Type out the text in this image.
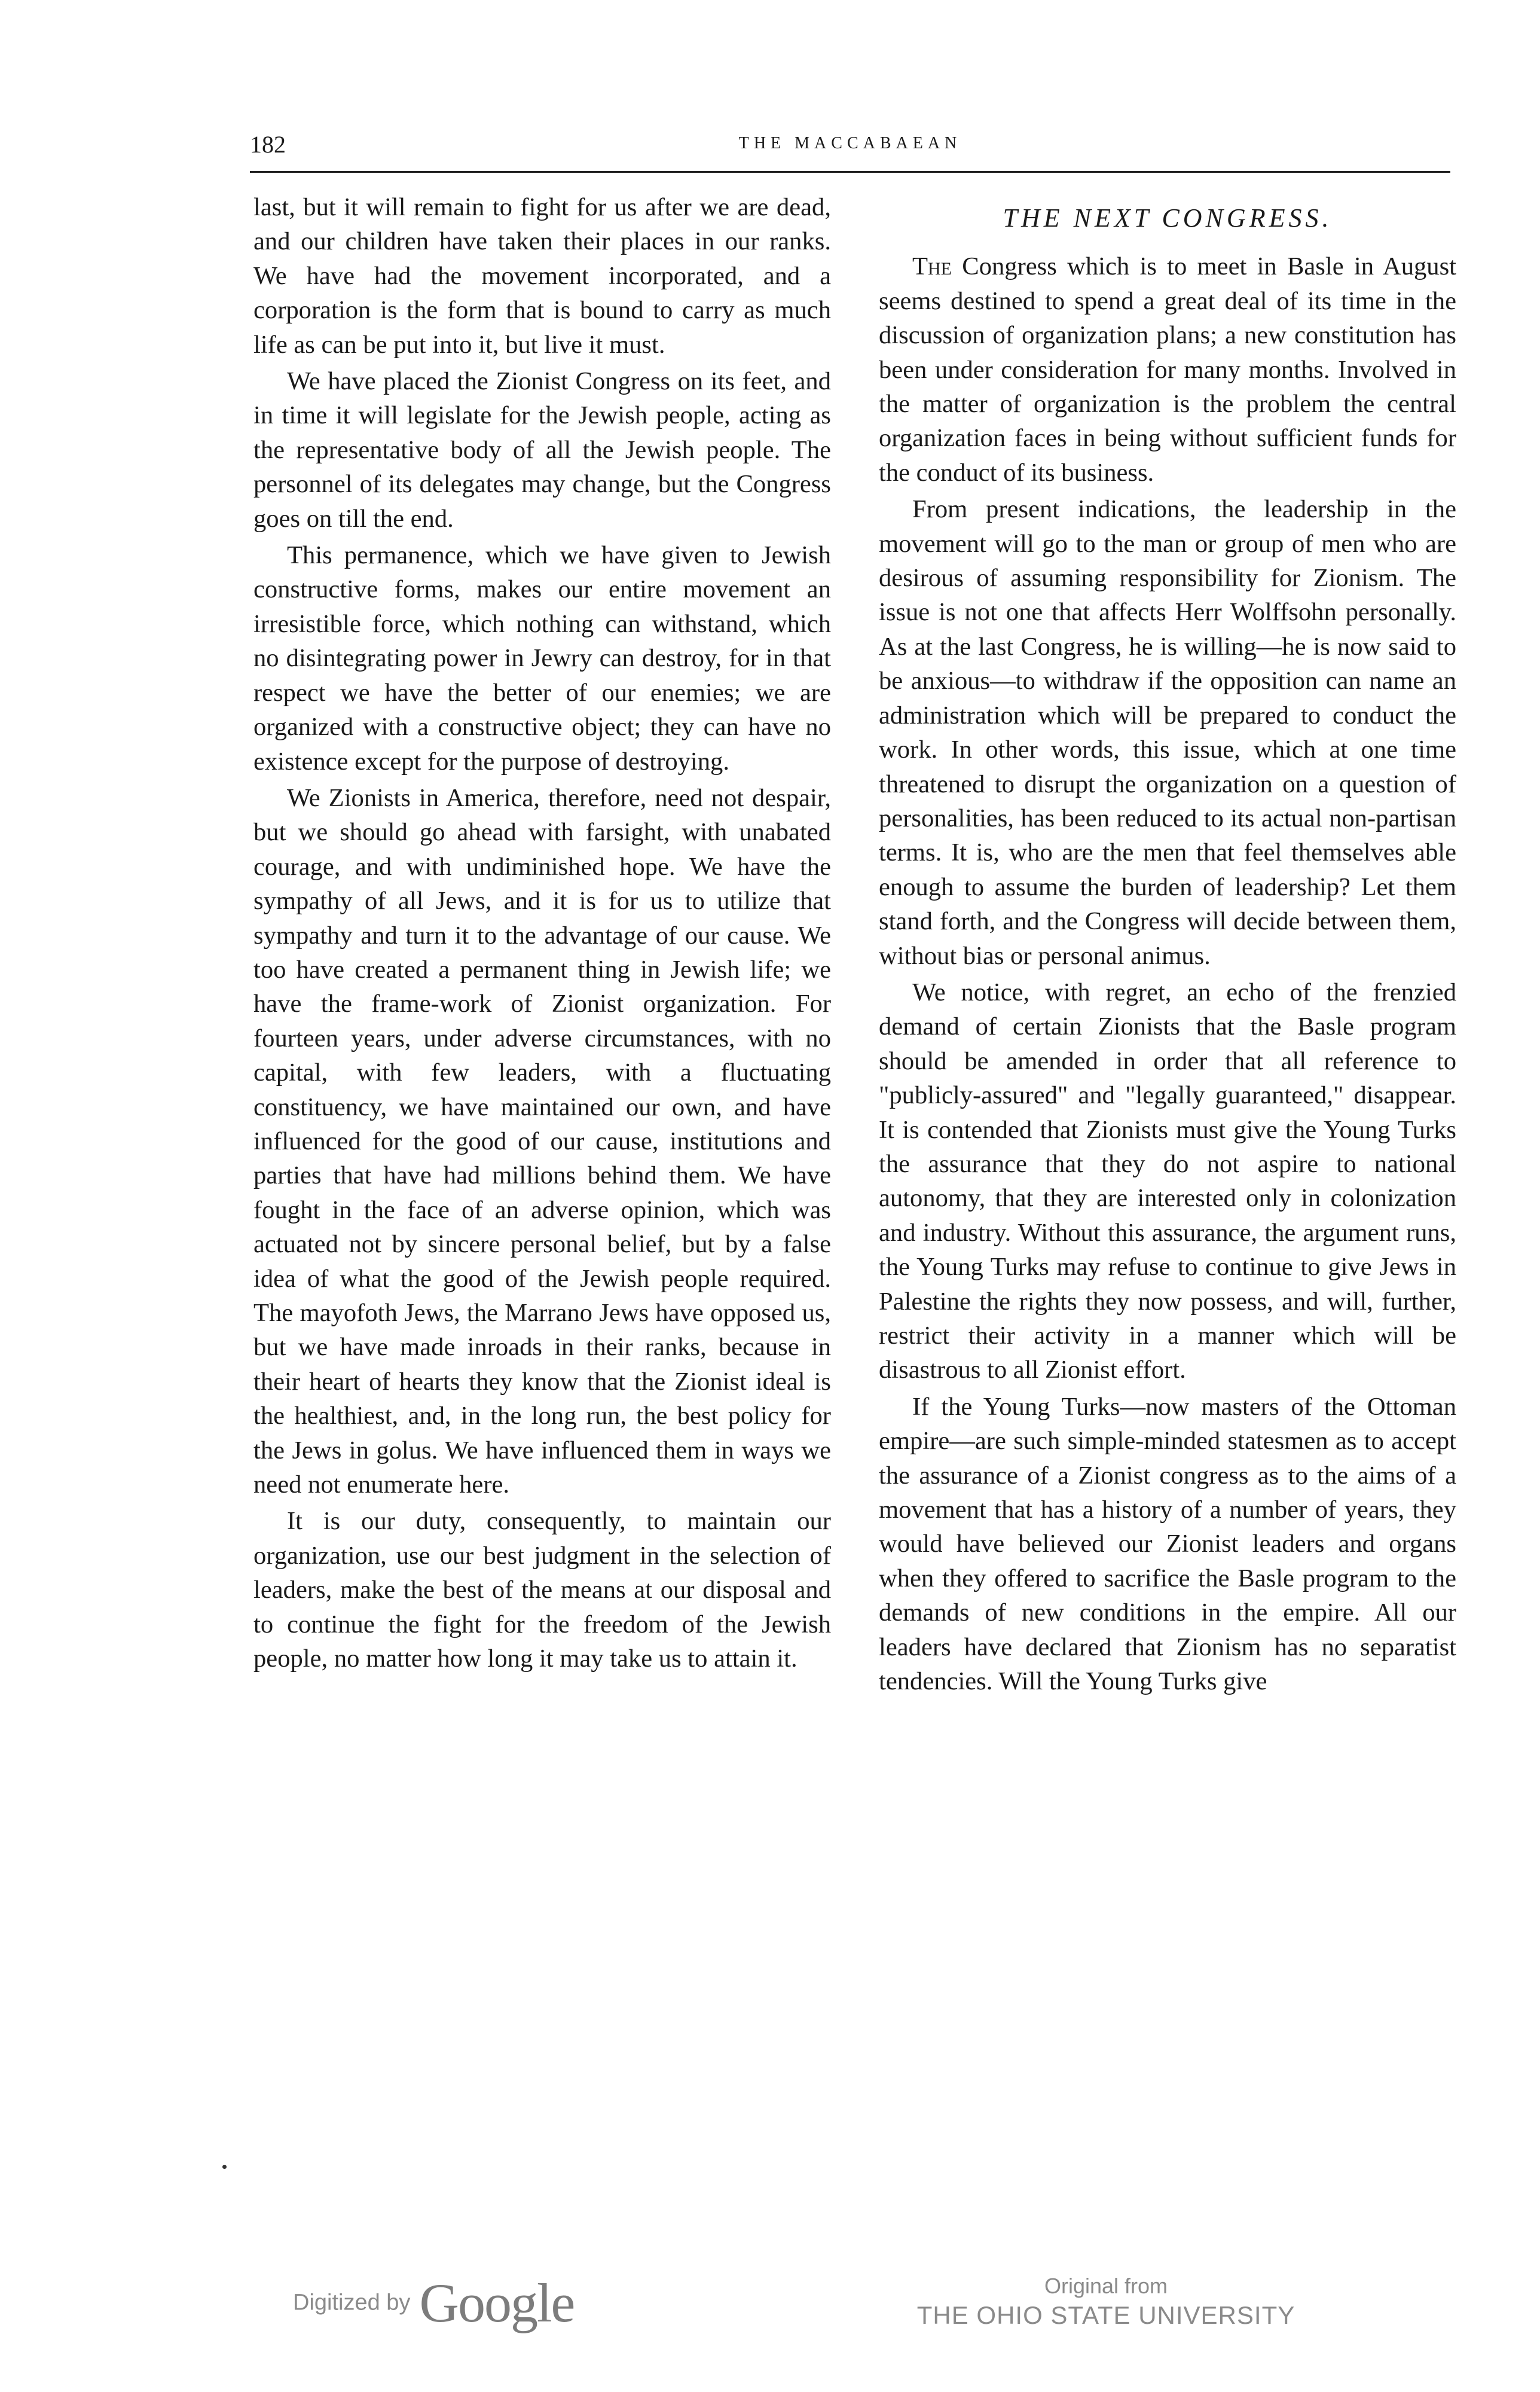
182	THE MACCABAEAN

last, but it will remain to fight for us after we are dead, and our children have taken their places in our ranks. We have had the movement incorporated, and a corporation is the form that is bound to carry as much life as can be put into it, but live it must.

We have placed the Zionist Congress on its feet, and in time it will legislate for the Jewish people, acting as the representative body of all the Jewish people. The personnel of its delegates may change, but the Congress goes on till the end.

This permanence, which we have given to Jewish constructive forms, makes our entire movement an irresistible force, which nothing can withstand, which no disintegrating power in Jewry can destroy, for in that respect we have the better of our enemies; we are organized with a constructive object; they can have no existence except for the purpose of destroying.

We Zionists in America, therefore, need not despair, but we should go ahead with farsight, with unabated courage, and with undiminished hope. We have the sympathy of all Jews, and it is for us to utilize that sympathy and turn it to the advantage of our cause. We too have created a permanent thing in Jewish life; we have the frame-work of Zionist organization. For fourteen years, under adverse circumstances, with no capital, with few leaders, with a fluctuating constituency, we have maintained our own, and have influenced for the good of our cause, institutions and parties that have had millions behind them. We have fought in the face of an adverse opinion, which was actuated not by sincere personal belief, but by a false idea of what the good of the Jewish people required. The mayofoth Jews, the Marrano Jews have opposed us, but we have made inroads in their ranks, because in their heart of hearts they know that the Zionist ideal is the healthiest, and, in the long run, the best policy for the Jews in golus. We have influenced them in ways we need not enumerate here.

It is our duty, consequently, to maintain our organization, use our best judgment in the selection of leaders, make the best of the means at our disposal and to continue the fight for the freedom of the Jewish people, no matter how long it may take us to attain it.

THE NEXT CONGRESS.

The Congress which is to meet in Basle in August seems destined to spend a great deal of its time in the discussion of organization plans; a new constitution has been under consideration for many months. Involved in the matter of organization is the problem the central organization faces in being without sufficient funds for the conduct of its business.

From present indications, the leadership in the movement will go to the man or group of men who are desirous of assuming responsibility for Zionism. The issue is not one that affects Herr Wolffsohn personally. As at the last Congress, he is willing—he is now said to be anxious—to withdraw if the opposition can name an administration which will be prepared to conduct the work. In other words, this issue, which at one time threatened to disrupt the organization on a question of personalities, has been reduced to its actual non-partisan terms. It is, who are the men that feel themselves able enough to assume the burden of leadership? Let them stand forth, and the Congress will decide between them, without bias or personal animus.

We notice, with regret, an echo of the frenzied demand of certain Zionists that the Basle program should be amended in order that all reference to "publicly-assured" and "legally guaranteed," disappear. It is contended that Zionists must give the Young Turks the assurance that they do not aspire to national autonomy, that they are interested only in colonization and industry. Without this assurance, the argument runs, the Young Turks may refuse to continue to give Jews in Palestine the rights they now possess, and will, further, restrict their activity in a manner which will be disastrous to all Zionist effort.

If the Young Turks—now masters of the Ottoman empire—are such simple-minded statesmen as to accept the assurance of a Zionist congress as to the aims of a movement that has a history of a number of years, they would have believed our Zionist leaders and organs when they offered to sacrifice the Basle program to the demands of new conditions in the empire. All our leaders have declared that Zionism has no separatist tendencies. Will the Young Turks give

Digitized by Google	Original from
THE OHIO STATE UNIVERSITY
